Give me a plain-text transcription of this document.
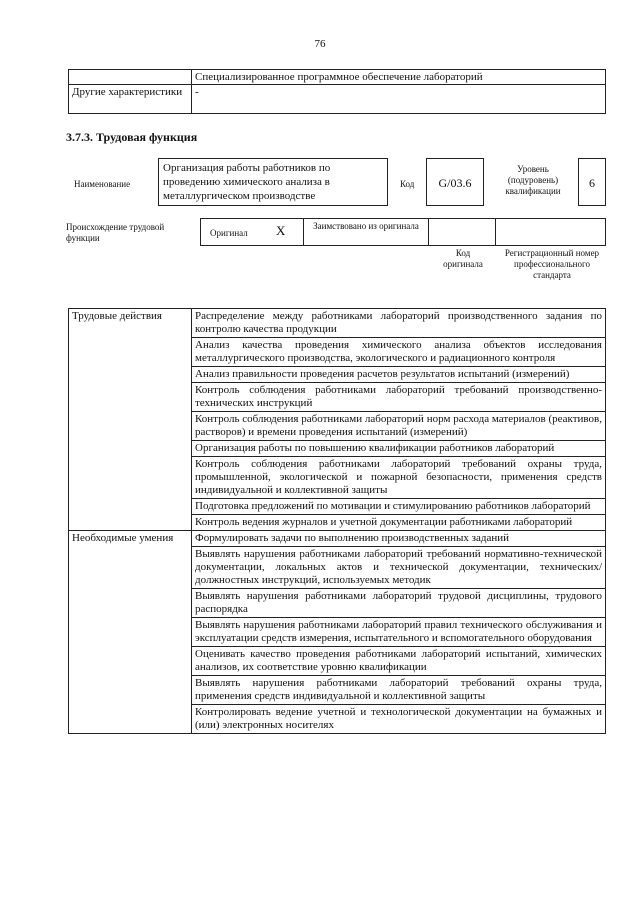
76
	Специализированное программное обеспечение лабораторий
Другие характеристики	-
3.7.3. Трудовая функция
Наименование
Организация работы работников по проведению химического анализа в металлургическом производстве
Код	G/03.6
Уровень (подуровень) квалификации
6
Происхождение трудовой функции	Оригинал X	Заимствовано из оригинала
Код оригинала
Регистрационный номер профессионального стандарта
Трудовые действия	Распределение между работниками лабораторий производственного задания по контролю качества продукции
	Анализ качества проведения химического анализа объектов исследования металлургического производства, экологического и радиационного контроля
	Анализ правильности проведения расчетов результатов испытаний (измерений)
	Контроль соблюдения работниками лабораторий требований производственно-технических инструкций
	Контроль соблюдения работниками лабораторий норм расхода материалов (реактивов, растворов) и времени проведения испытаний (измерений)
	Организация работы по повышению квалификации работников лабораторий
	Контроль соблюдения работниками лабораторий требований охраны труда, промышленной, экологической и пожарной безопасности, применения средств индивидуальной и коллективной защиты
	Подготовка предложений по мотивации и стимулированию работников лабораторий
	Контроль ведения журналов и учетной документации работниками лабораторий
Необходимые умения	Формулировать задачи по выполнению производственных заданий
	Выявлять нарушения работниками лабораторий требований нормативно-технической документации, локальных актов и технической документации, технических/должностных инструкций, используемых методик
	Выявлять нарушения работниками лабораторий трудовой дисциплины, трудового распорядка
	Выявлять нарушения работниками лабораторий правил технического обслуживания и эксплуатации средств измерения, испытательного и вспомогательного оборудования
	Оценивать качество проведения работниками лабораторий испытаний, химических анализов, их соответствие уровню квалификации
	Выявлять нарушения работниками лабораторий требований охраны труда, применения средств индивидуальной и коллективной защиты
	Контролировать ведение учетной и технологической документации на бумажных и (или) электронных носителях
